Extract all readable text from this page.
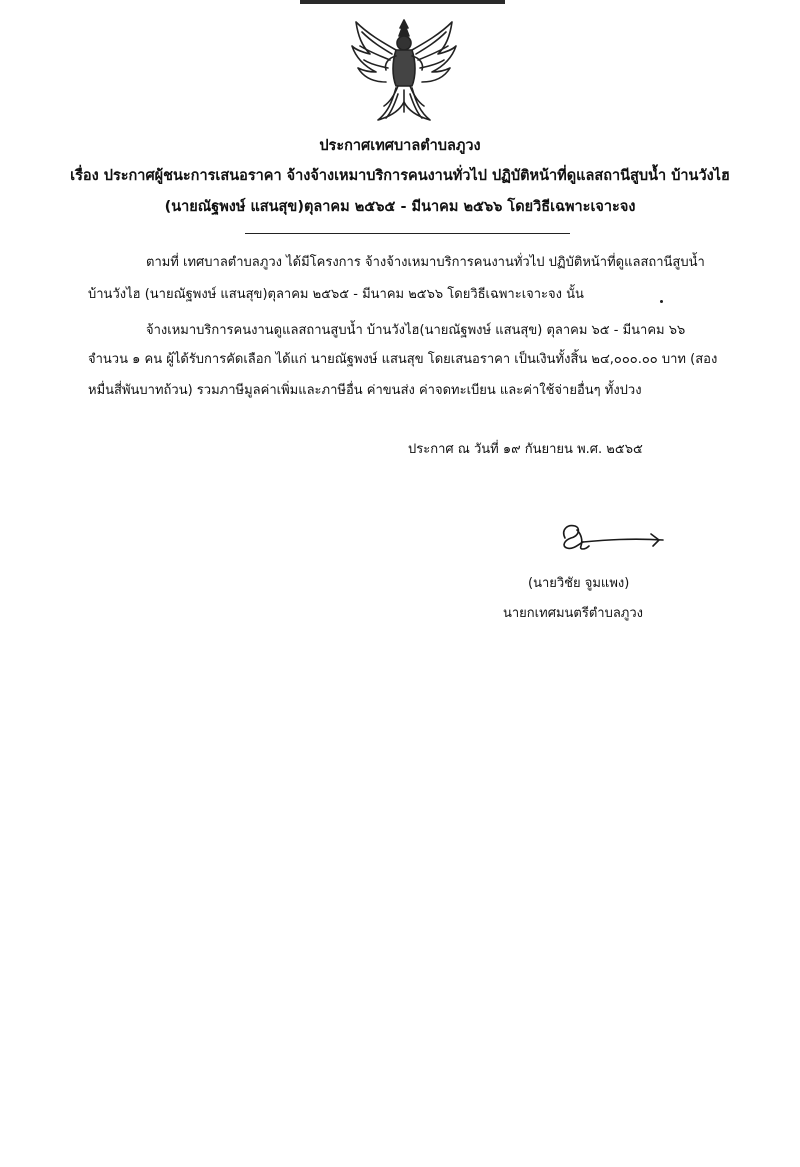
ประกาศเทศบาลตำบลภูวง
เรื่อง ประกาศผู้ชนะการเสนอราคา จ้างจ้างเหมาบริการคนงานทั่วไป ปฏิบัติหน้าที่ดูแลสถานีสูบน้ำ บ้านวังไฮ
(นายณัฐพงษ์ แสนสุข)ตุลาคม ๒๕๖๕ - มีนาคม ๒๕๖๖ โดยวิธีเฉพาะเจาะจง
ตามที่ เทศบาลตำบลภูวง ได้มีโครงการ จ้างจ้างเหมาบริการคนงานทั่วไป ปฏิบัติหน้าที่ดูแลสถานีสูบน้ำ
บ้านวังไฮ (นายณัฐพงษ์ แสนสุข)ตุลาคม ๒๕๖๕ - มีนาคม ๒๕๖๖ โดยวิธีเฉพาะเจาะจง นั้น
จ้างเหมาบริการคนงานดูแลสถานสูบน้ำ บ้านวังไฮ(นายณัฐพงษ์ แสนสุข) ตุลาคม ๖๕ - มีนาคม ๖๖
จำนวน ๑ คน ผู้ได้รับการคัดเลือก ได้แก่ นายณัฐพงษ์ แสนสุข โดยเสนอราคา เป็นเงินทั้งสิ้น ๒๔,๐๐๐.๐๐ บาท (สอง
หมื่นสี่พันบาทถ้วน) รวมภาษีมูลค่าเพิ่มและภาษีอื่น ค่าขนส่ง ค่าจดทะเบียน และค่าใช้จ่ายอื่นๆ ทั้งปวง
ประกาศ ณ วันที่ ๑๙ กันยายน พ.ศ. ๒๕๖๕
(นายวิชัย จูมแพง)
นายกเทศมนตรีตำบลภูวง
